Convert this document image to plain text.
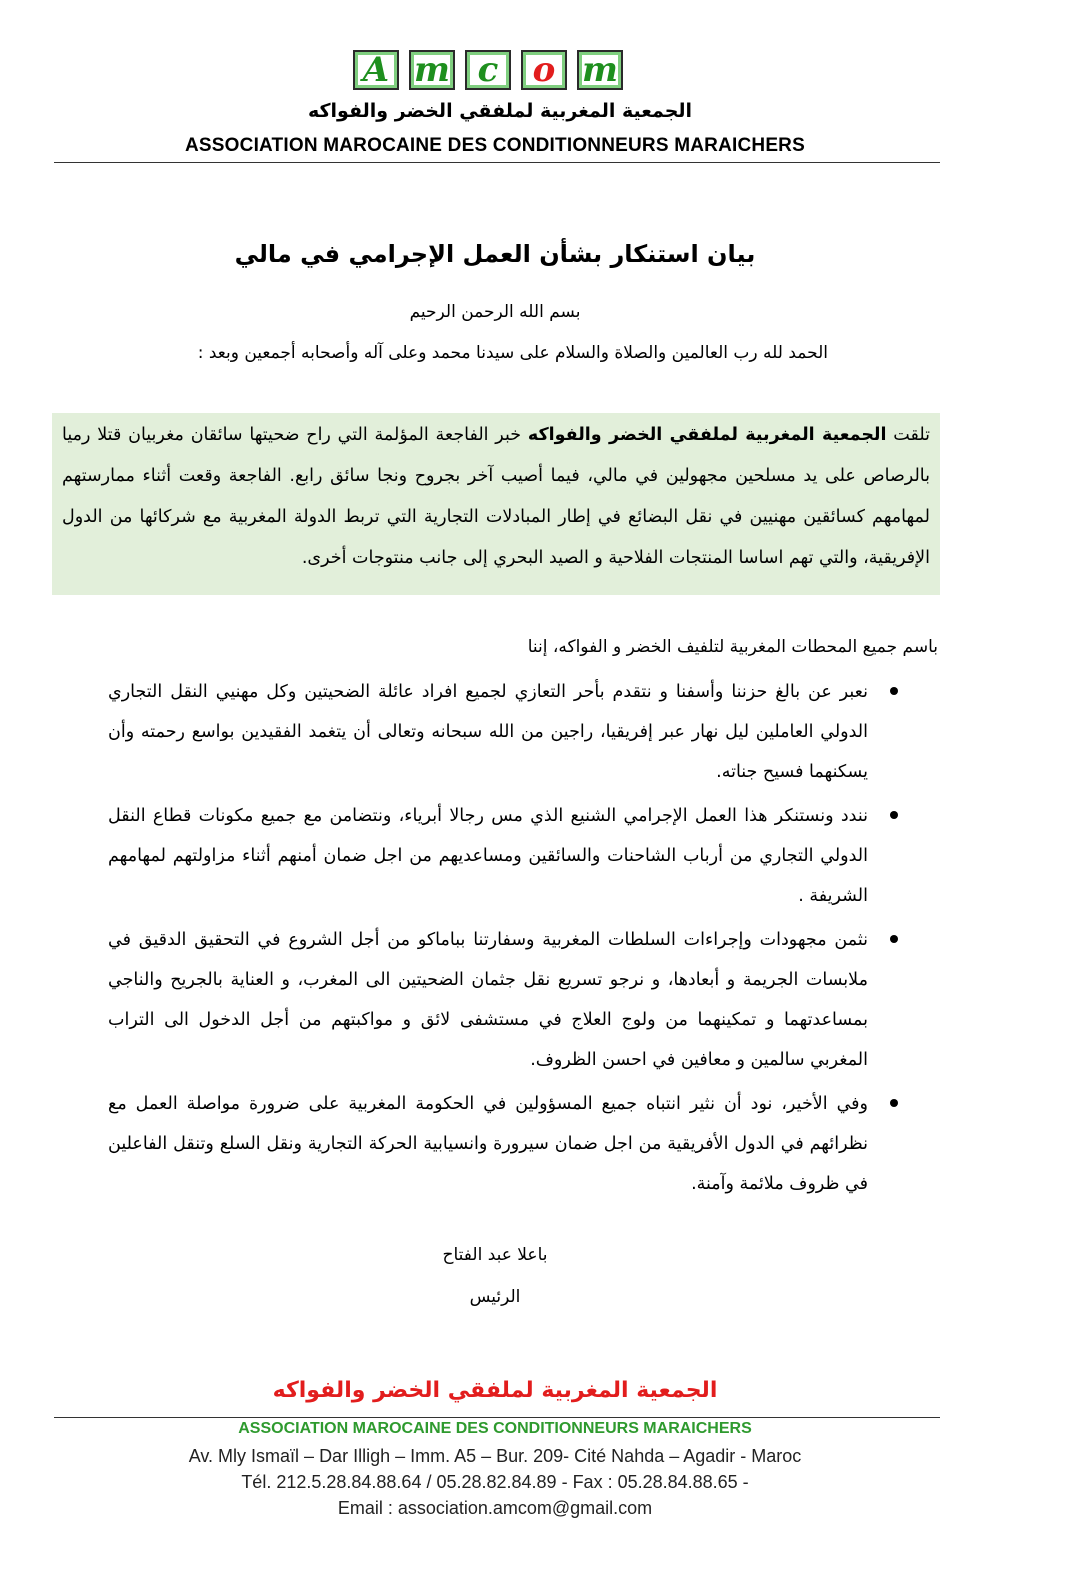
A m c o m
الجمعية المغربية لملفقي الخضر والفواكه
ASSOCIATION MAROCAINE DES CONDITIONNEURS MARAICHERS
بيان استنكار بشأن العمل الإجرامي في مالي
بسم الله الرحمن الرحيم
الحمد لله رب العالمين والصلاة والسلام على سيدنا محمد وعلى آله وأصحابه أجمعين وبعد :
تلقت الجمعية المغربية لملفقي الخضر والفواكه خبر الفاجعة المؤلمة التي راح ضحيتها سائقان مغربيان قتلا رميا بالرصاص على يد مسلحين مجهولين في مالي، فيما أصيب آخر بجروح ونجا سائق رابع. الفاجعة وقعت أثناء ممارستهم لمهامهم كسائقين مهنيين في نقل البضائع في إطار المبادلات التجارية التي تربط الدولة المغربية مع شركائها من الدول الإفريقية، والتي تهم اساسا المنتجات الفلاحية و الصيد البحري إلى جانب منتوجات أخرى.
باسم جميع المحطات المغربية لتلفيف الخضر و الفواكه، إننا
نعبر عن بالغ حزننا وأسفنا و نتقدم بأحر التعازي لجميع افراد عائلة الضحيتين وكل مهنيي النقل التجاري الدولي العاملين ليل نهار عبر إفريقيا، راجين من الله سبحانه وتعالى أن يتغمد الفقيدين بواسع رحمته وأن يسكنهما فسيح جناته.
نندد ونستنكر هذا العمل الإجرامي الشنيع الذي مس رجالا أبرياء، ونتضامن مع جميع مكونات قطاع النقل الدولي التجاري من أرباب الشاحنات والسائقين ومساعديهم من اجل ضمان أمنهم أثناء مزاولتهم لمهامهم الشريفة .
نثمن مجهودات وإجراءات السلطات المغربية وسفارتنا بباماكو من أجل الشروع في التحقيق الدقيق في ملابسات الجريمة و أبعادها، و نرجو تسريع نقل جثمان الضحيتين الى المغرب، و العناية بالجريح والناجي بمساعدتهما و تمكينهما من ولوج العلاج في مستشفى لائق و مواكبتهم من أجل الدخول الى التراب المغربي سالمين و معافين في احسن الظروف.
وفي الأخير، نود أن نثير انتباه جميع المسؤولين في الحكومة المغربية على ضرورة مواصلة العمل مع نظرائهم في الدول الأفريقية من اجل ضمان سيرورة وانسيابية الحركة التجارية ونقل السلع وتنقل الفاعلين في ظروف ملائمة وآمنة.
باعلا عبد الفتاح
الرئيس
الجمعية المغربية لملفقي الخضر والفواكه
ASSOCIATION MAROCAINE DES CONDITIONNEURS MARAICHERS
Av. Mly Ismaïl – Dar Illigh – Imm. A5 – Bur. 209- Cité Nahda – Agadir - Maroc
Tél. 212.5.28.84.88.64 / 05.28.82.84.89 - Fax : 05.28.84.88.65 -
Email : association.amcom@gmail.com
